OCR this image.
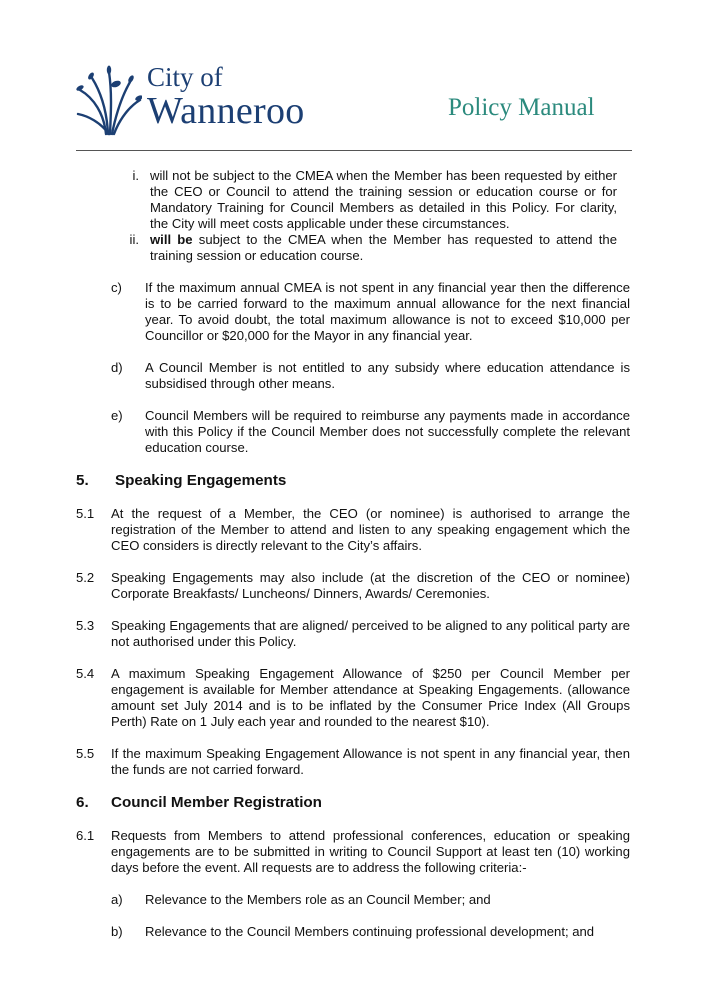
City of
Wanneroo	Policy Manual
i. will not be subject to the CMEA when the Member has been requested by either the CEO or Council to attend the training session or education course or for Mandatory Training for Council Members as detailed in this Policy. For clarity, the City will meet costs applicable under these circumstances.
ii. will be subject to the CMEA when the Member has requested to attend the training session or education course.
c) If the maximum annual CMEA is not spent in any financial year then the difference is to be carried forward to the maximum annual allowance for the next financial year. To avoid doubt, the total maximum allowance is not to exceed $10,000 per Councillor or $20,000 for the Mayor in any financial year.
d) A Council Member is not entitled to any subsidy where education attendance is subsidised through other means.
e) Council Members will be required to reimburse any payments made in accordance with this Policy if the Council Member does not successfully complete the relevant education course.
5. Speaking Engagements
5.1 At the request of a Member, the CEO (or nominee) is authorised to arrange the registration of the Member to attend and listen to any speaking engagement which the CEO considers is directly relevant to the City’s affairs.
5.2 Speaking Engagements may also include (at the discretion of the CEO or nominee) Corporate Breakfasts/ Luncheons/ Dinners, Awards/ Ceremonies.
5.3 Speaking Engagements that are aligned/ perceived to be aligned to any political party are not authorised under this Policy.
5.4 A maximum Speaking Engagement Allowance of $250 per Council Member per engagement is available for Member attendance at Speaking Engagements. (allowance amount set July 2014 and is to be inflated by the Consumer Price Index (All Groups Perth) Rate on 1 July each year and rounded to the nearest $10).
5.5 If the maximum Speaking Engagement Allowance is not spent in any financial year, then the funds are not carried forward.
6. Council Member Registration
6.1 Requests from Members to attend professional conferences, education or speaking engagements are to be submitted in writing to Council Support at least ten (10) working days before the event. All requests are to address the following criteria:-
a) Relevance to the Members role as an Council Member; and
b) Relevance to the Council Members continuing professional development; and
